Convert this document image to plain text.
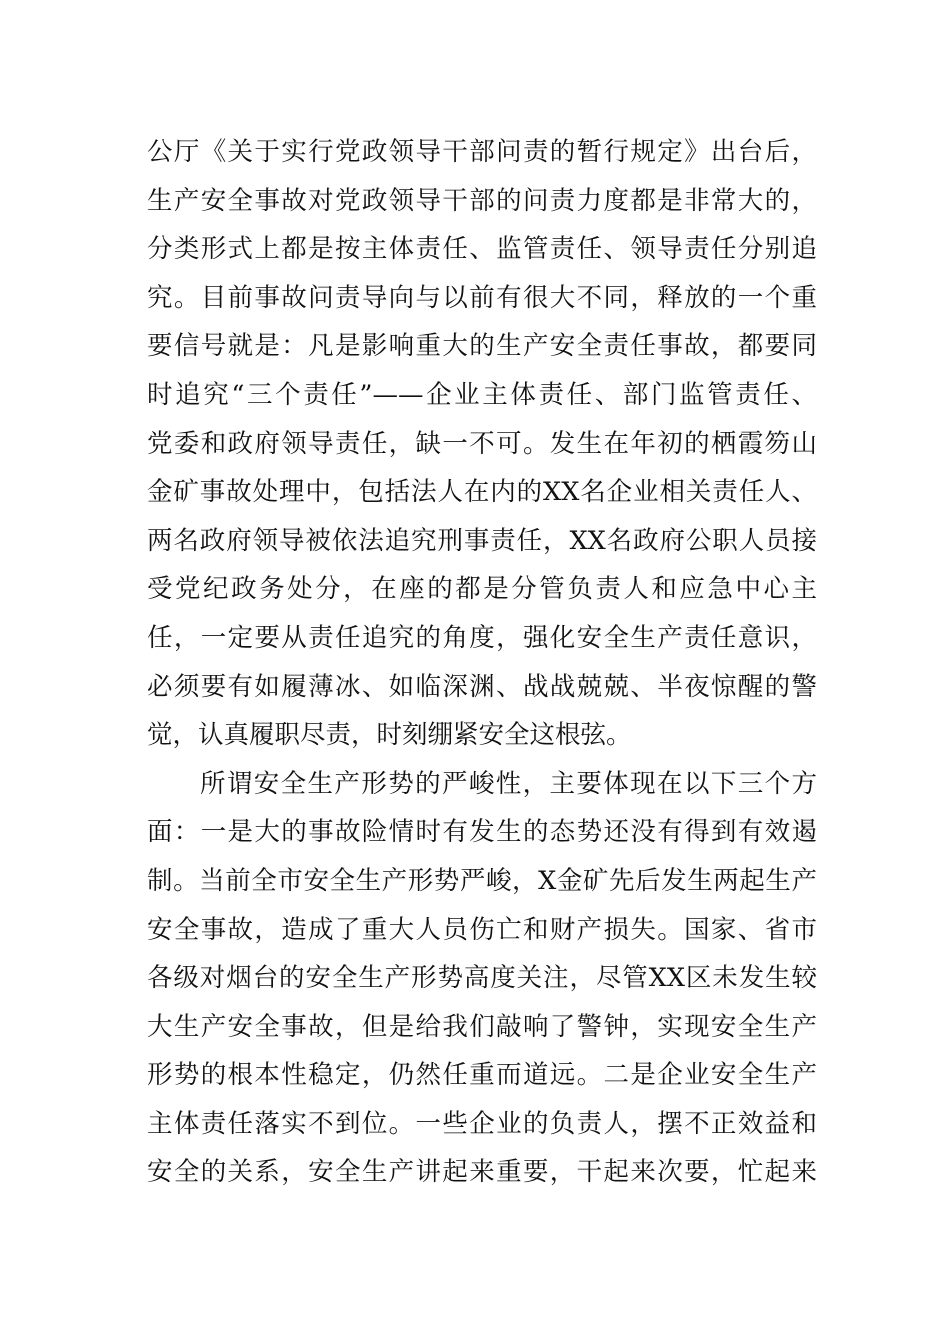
公厅《关于实行党政领导干部问责的暂行规定》出台后，
生产安全事故对党政领导干部的问责力度都是非常大的，
分类形式上都是按主体责任、监管责任、领导责任分别追
究。目前事故问责导向与以前有很大不同，释放的一个重
要信号就是：凡是影响重大的生产安全责任事故，都要同
时追究“三个责任”——企业主体责任、部门监管责任、
党委和政府领导责任，缺一不可。发生在年初的栖霞笏山
金矿事故处理中，包括法人在内的XX名企业相关责任人、
两名政府领导被依法追究刑事责任，XX名政府公职人员接
受党纪政务处分，在座的都是分管负责人和应急中心主
任，一定要从责任追究的角度，强化安全生产责任意识，
必须要有如履薄冰、如临深渊、战战兢兢、半夜惊醒的警
觉，认真履职尽责，时刻绷紧安全这根弦。
所谓安全生产形势的严峻性，主要体现在以下三个方
面：一是大的事故险情时有发生的态势还没有得到有效遏
制。当前全市安全生产形势严峻，X金矿先后发生两起生产
安全事故，造成了重大人员伤亡和财产损失。国家、省市
各级对烟台的安全生产形势高度关注，尽管XX区未发生较
大生产安全事故，但是给我们敲响了警钟，实现安全生产
形势的根本性稳定，仍然任重而道远。二是企业安全生产
主体责任落实不到位。一些企业的负责人，摆不正效益和
安全的关系，安全生产讲起来重要，干起来次要，忙起来
